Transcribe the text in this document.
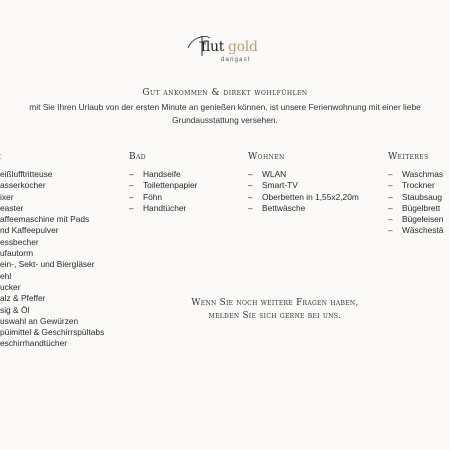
flut gold
dangast
Gut ankommen & direkt wohlfühlen
mit Sie Ihren Urlaub von der ersten Minute an genießen können, ist unsere Ferienwohnung mit einer liebe
Grundausstattung versehen.
eißlufftritteuse
asserkocher
ixer
easter
affeemaschine mit Pads
nd Kaffeepulver
essbecher
ufautorm
ein-, Sekt- und Biergläser
ehl
ucker
alz & Pfeffer
sig & Öl
uswahl an Gewürzen
püimittel & Geschirrspültabs
eschirrhandtücher
Bad
– Handseife
– Toilettenpapier
– Föhn
– Handtücher
Wohnen
– WLAN
– Smart-TV
– Oberbetten in 1,55x2,20m
– Bettwäsche
Weiteres
– Waschmas
– Trockner
– Staubsaug
– Bügelbrett
– Bügeleisen
– Wäschestä
Wenn Sie noch weitere Fragen haben,
melden Sie sich gerne bei uns.
